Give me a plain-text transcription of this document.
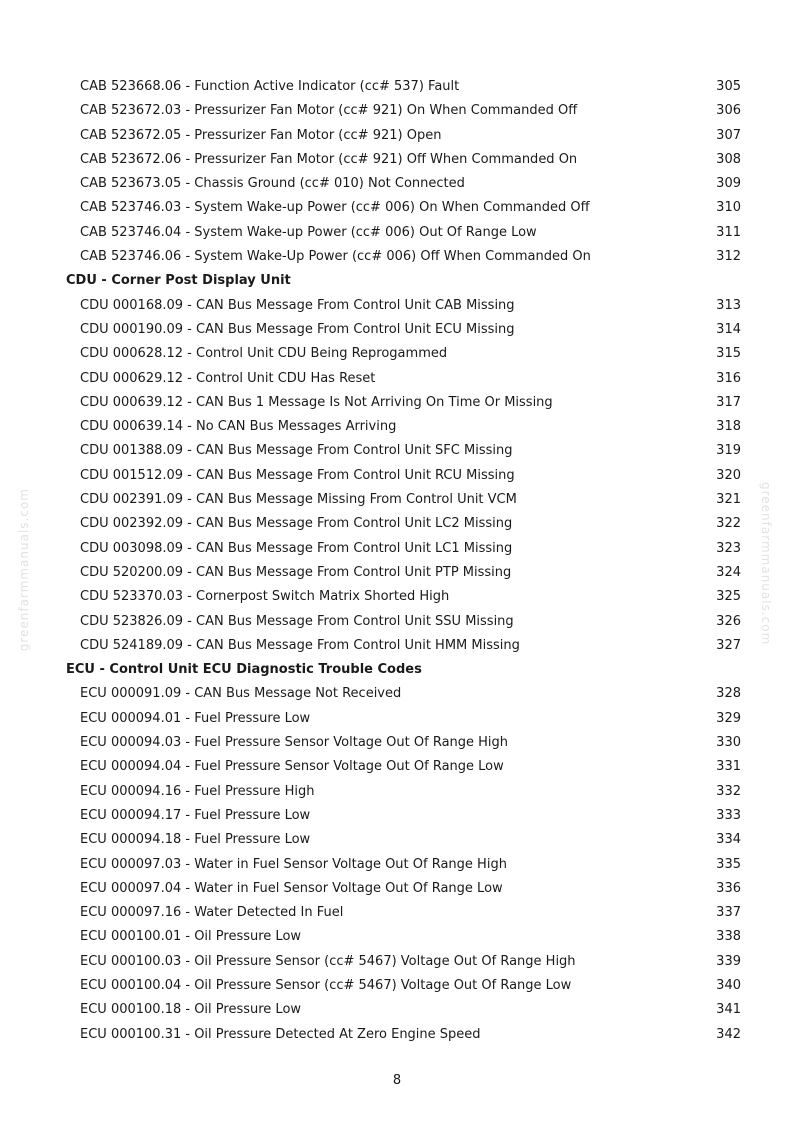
CAB 523668.06 - Function Active Indicator (cc# 537) Fault	305
CAB 523672.03 - Pressurizer Fan Motor (cc# 921) On When Commanded Off	306
CAB 523672.05 - Pressurizer Fan Motor (cc# 921) Open	307
CAB 523672.06 - Pressurizer Fan Motor (cc# 921) Off When Commanded On	308
CAB 523673.05 - Chassis Ground (cc# 010) Not Connected	309
CAB 523746.03 - System Wake-up Power (cc# 006) On When Commanded Off	310
CAB 523746.04 - System Wake-up Power (cc# 006) Out Of Range Low	311
CAB 523746.06 - System Wake-Up Power (cc# 006) Off When Commanded On	312
CDU - Corner Post Display Unit
CDU 000168.09 - CAN Bus Message From Control Unit CAB Missing	313
CDU 000190.09 - CAN Bus Message From Control Unit ECU Missing	314
CDU 000628.12 - Control Unit CDU Being Reprogammed	315
CDU 000629.12 - Control Unit CDU Has Reset	316
CDU 000639.12 - CAN Bus 1 Message Is Not Arriving On Time Or Missing	317
CDU 000639.14 - No CAN Bus Messages Arriving	318
CDU 001388.09 - CAN Bus Message From Control Unit SFC Missing	319
CDU 001512.09 - CAN Bus Message From Control Unit RCU Missing	320
CDU 002391.09 - CAN Bus Message Missing From Control Unit VCM	321
CDU 002392.09 - CAN Bus Message From Control Unit LC2 Missing	322
CDU 003098.09 - CAN Bus Message From Control Unit LC1 Missing	323
CDU 520200.09 - CAN Bus Message From Control Unit PTP Missing	324
CDU 523370.03 - Cornerpost Switch Matrix Shorted High	325
CDU 523826.09 - CAN Bus Message From Control Unit SSU Missing	326
CDU 524189.09 - CAN Bus Message From Control Unit HMM Missing	327
ECU - Control Unit ECU Diagnostic Trouble Codes
ECU 000091.09 - CAN Bus Message Not Received	328
ECU 000094.01 - Fuel Pressure Low	329
ECU 000094.03 - Fuel Pressure Sensor Voltage Out Of Range High	330
ECU 000094.04 - Fuel Pressure Sensor Voltage Out Of Range Low	331
ECU 000094.16 - Fuel Pressure High	332
ECU 000094.17 - Fuel Pressure Low	333
ECU 000094.18 - Fuel Pressure Low	334
ECU 000097.03 - Water in Fuel Sensor Voltage Out Of Range High	335
ECU 000097.04 - Water in Fuel Sensor Voltage Out Of Range Low	336
ECU 000097.16 - Water Detected In Fuel	337
ECU 000100.01 - Oil Pressure Low	338
ECU 000100.03 - Oil Pressure Sensor (cc# 5467) Voltage Out Of Range High	339
ECU 000100.04 - Oil Pressure Sensor (cc# 5467) Voltage Out Of Range Low	340
ECU 000100.18 - Oil Pressure Low	341
ECU 000100.31 - Oil Pressure Detected At Zero Engine Speed	342
greenfarmmanuals.com	greenfarmmanuals.com
8
